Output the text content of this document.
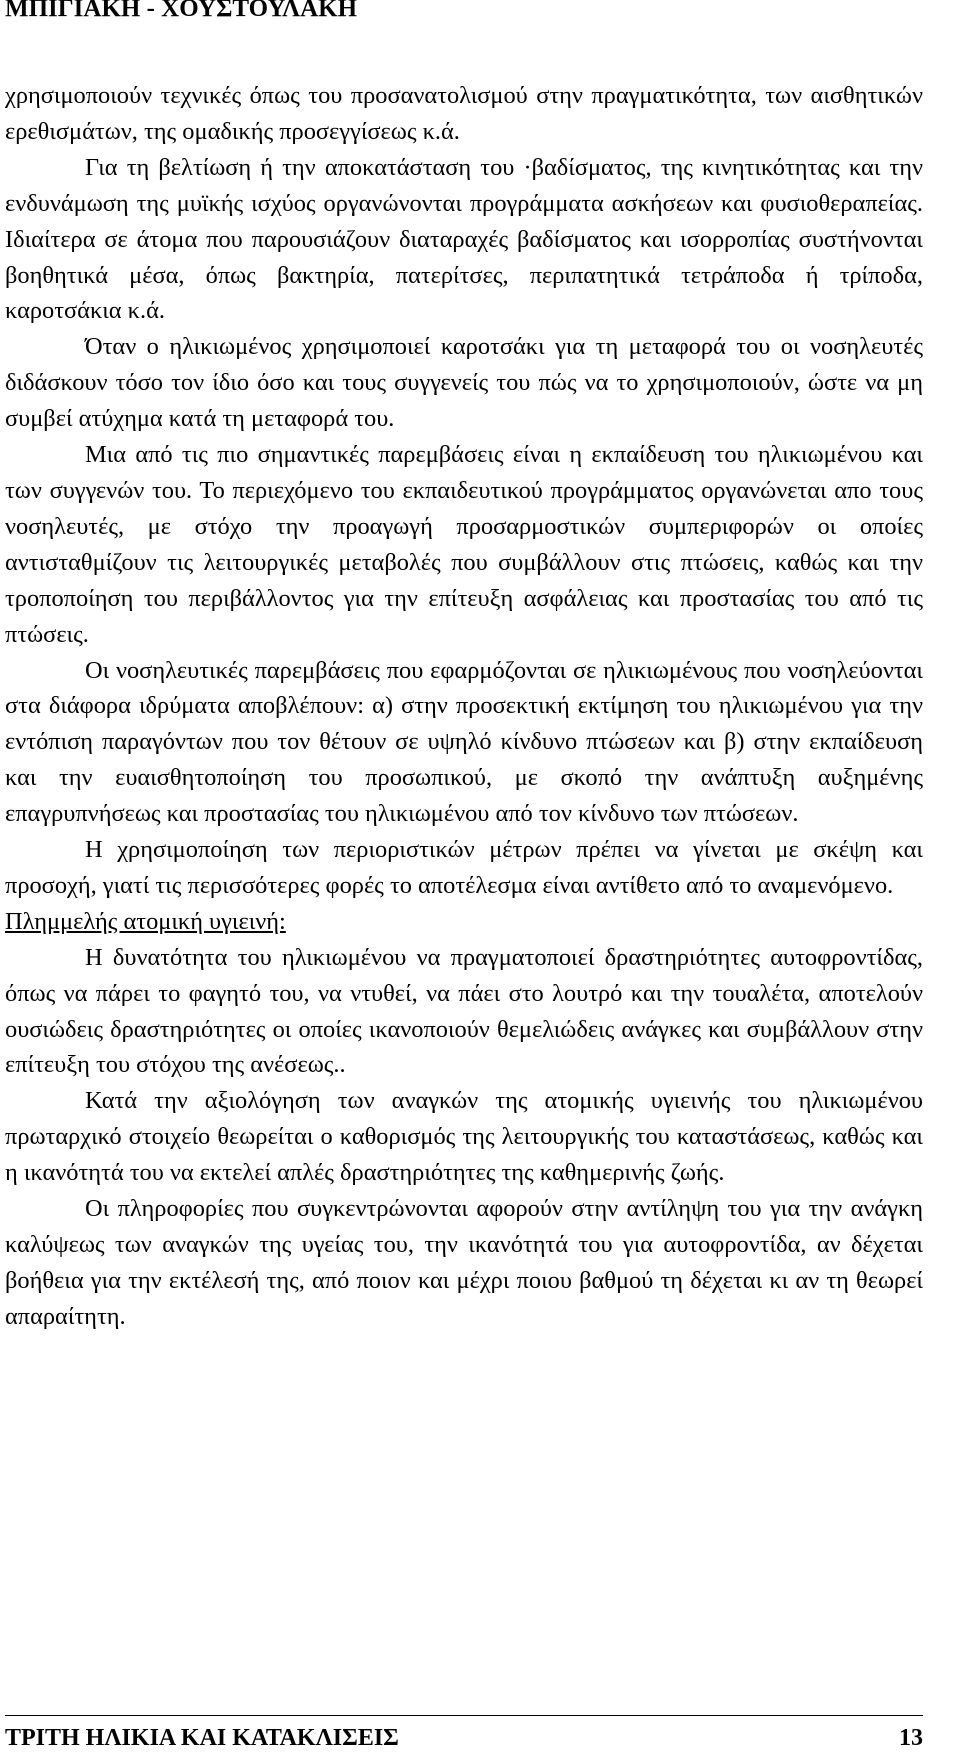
ΜΠΙΓΙΑΚΗ - ΧΟΥΣΤΟΥΛΑΚΗ

χρησιμοποιούν τεχνικές όπως του προσανατολισμού στην πραγματικότητα, των αισθητικών ερεθισμάτων, της ομαδικής προσεγγίσεως κ.ά.

Για τη βελτίωση ή την αποκατάσταση του ·βαδίσματος, της κινητικότητας και την ενδυνάμωση της μυϊκής ισχύος οργανώνονται προγράμματα ασκήσεων και φυσιοθεραπείας. Ιδιαίτερα σε άτομα που παρουσιάζουν διαταραχές βαδίσματος και ισορροπίας συστήνονται βοηθητικά μέσα, όπως βακτηρία, πατερίτσες, περιπατητικά τετράποδα ή τρίποδα, καροτσάκια κ.ά.

Όταν ο ηλικιωμένος χρησιμοποιεί καροτσάκι για τη μεταφορά του οι νοσηλευτές διδάσκουν τόσο τον ίδιο όσο και τους συγγενείς του πώς να το χρησιμοποιούν, ώστε να μη συμβεί ατύχημα κατά τη μεταφορά του.

Μια από τις πιο σημαντικές παρεμβάσεις είναι η εκπαίδευση του ηλικιωμένου και των συγγενών του. Το περιεχόμενο του εκπαιδευτικού προγράμματος οργανώνεται απο τους νοσηλευτές, με στόχο την προαγωγή προσαρμοστικών συμπεριφορών οι οποίες αντισταθμίζουν τις λειτουργικές μεταβολές που συμβάλλουν στις πτώσεις, καθώς και την τροποποίηση του περιβάλλοντος για την επίτευξη ασφάλειας και προστασίας του από τις πτώσεις.

Οι νοσηλευτικές παρεμβάσεις που εφαρμόζονται σε ηλικιωμένους που νοσηλεύονται στα διάφορα ιδρύματα αποβλέπουν: α) στην προσεκτική εκτίμηση του ηλικιωμένου για την εντόπιση παραγόντων που τον θέτουν σε υψηλό κίνδυνο πτώσεων και β) στην εκπαίδευση και την ευαισθητοποίηση του προσωπικού, με σκοπό την ανάπτυξη αυξημένης επαγρυπνήσεως και προστασίας του ηλικιωμένου από τον κίνδυνο των πτώσεων.

Η χρησιμοποίηση των περιοριστικών μέτρων πρέπει να γίνεται με σκέψη και προσοχή, γιατί τις περισσότερες φορές το αποτέλεσμα είναι αντίθετο από το αναμενόμενο.

Πλημμελής ατομική υγιεινή:

Η δυνατότητα του ηλικιωμένου να πραγματοποιεί δραστηριότητες αυτοφροντίδας, όπως να πάρει το φαγητό του, να ντυθεί, να πάει στο λουτρό και την τουαλέτα, αποτελούν ουσιώδεις δραστηριότητες οι οποίες ικανοποιούν θεμελιώδεις ανάγκες και συμβάλλουν στην επίτευξη του στόχου της ανέσεως..

Κατά την αξιολόγηση των αναγκών της ατομικής υγιεινής του ηλικιωμένου πρωταρχικό στοιχείο θεωρείται ο καθορισμός της λειτουργικής του καταστάσεως, καθώς και η ικανότητά του να εκτελεί απλές δραστηριότητες της καθημερινής ζωής.

Οι πληροφορίες που συγκεντρώνονται αφορούν στην αντίληψη του για την ανάγκη καλύψεως των αναγκών της υγείας του, την ικανότητά του για αυτοφροντίδα, αν δέχεται βοήθεια για την εκτέλεσή της, από ποιον και μέχρι ποιου βαθμού τη δέχεται κι αν τη θεωρεί απαραίτητη.

ΤΡΙΤΗ ΗΛΙΚΙΑ ΚΑΙ ΚΑΤΑΚΛΙΣΕΙΣ	13
